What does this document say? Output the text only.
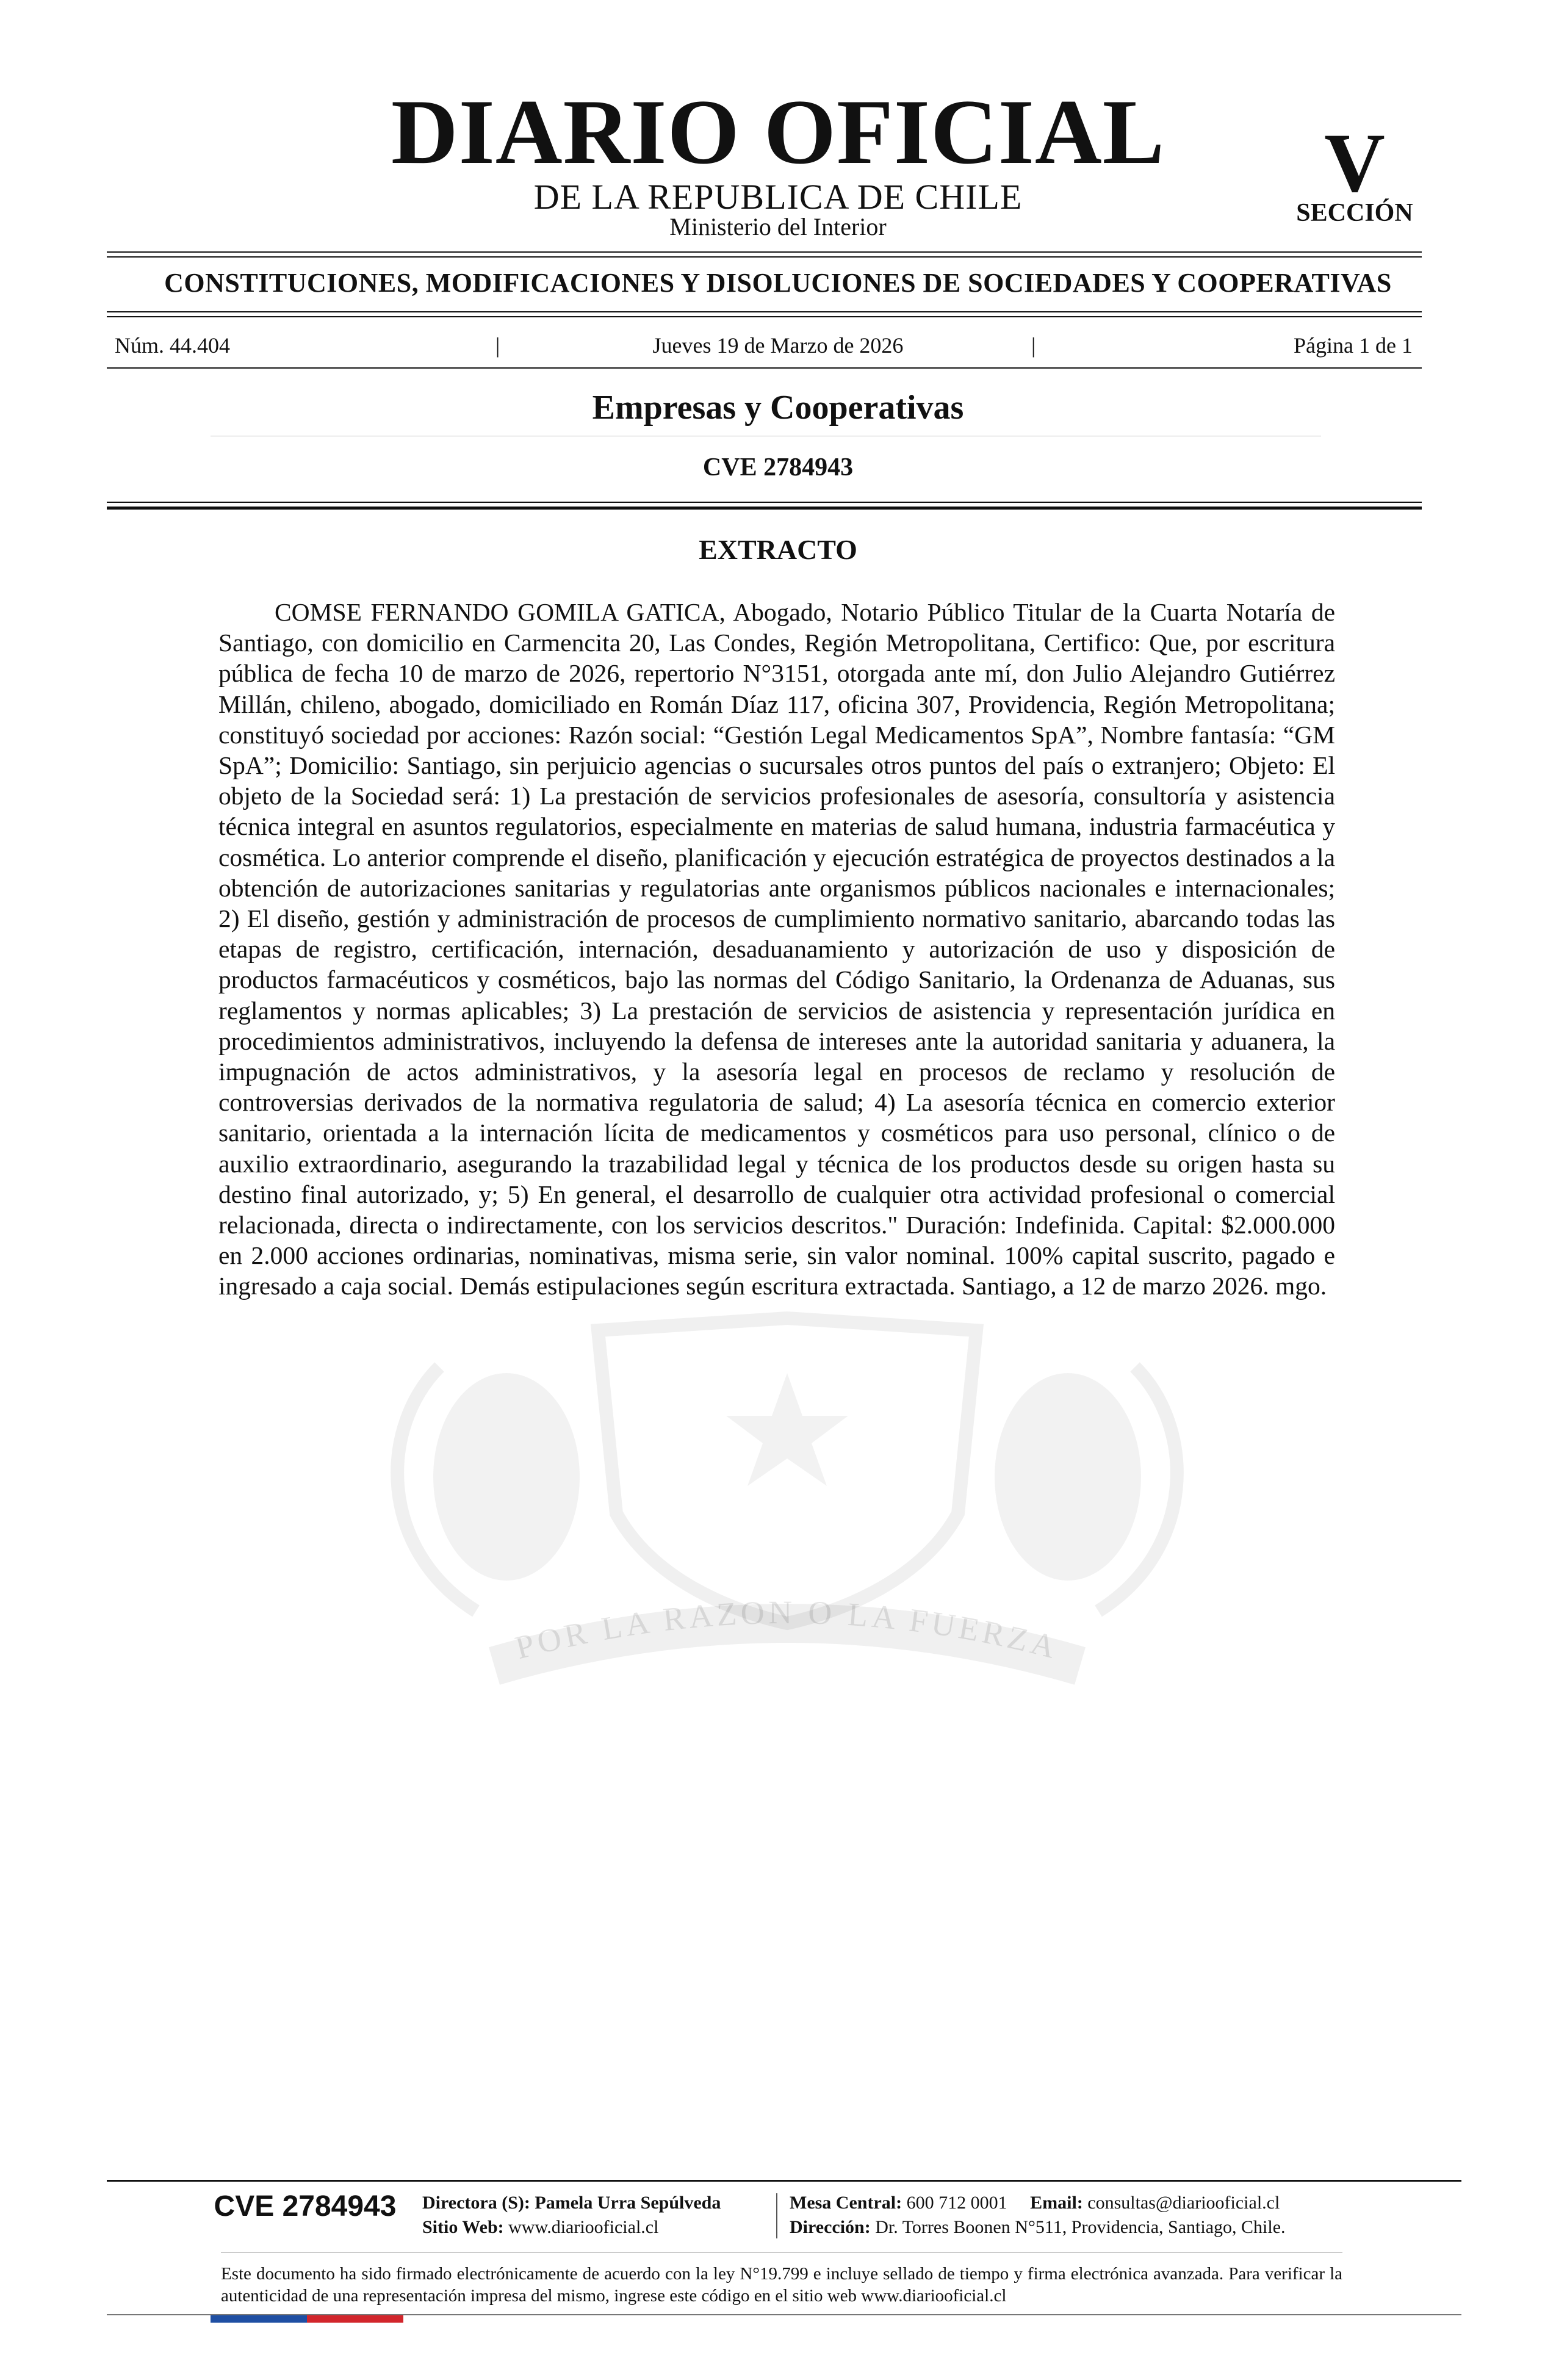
DIARIO OFICIAL
DE LA REPUBLICA DE CHILE
Ministerio del Interior
V
SECCIÓN
CONSTITUCIONES, MODIFICACIONES Y DISOLUCIONES DE SOCIEDADES Y COOPERATIVAS
Núm. 44.404	|	Jueves 19 de Marzo de 2026	|	Página 1 de 1
Empresas y Cooperativas
CVE 2784943
POR LA RAZON O LA FUERZA
EXTRACTO

COMSE FERNANDO GOMILA GATICA, Abogado, Notario Público Titular de la Cuarta Notaría de Santiago, con domicilio en Carmencita 20, Las Condes, Región Metropolitana, Certifico: Que, por escritura pública de fecha 10 de marzo de 2026, repertorio N°3151, otorgada ante mí, don Julio Alejandro Gutiérrez Millán, chileno, abogado, domiciliado en Román Díaz 117, oficina 307, Providencia, Región Metropolitana; constituyó sociedad por acciones: Razón social: “Gestión Legal Medicamentos SpA”, Nombre fantasía: “GM SpA”; Domicilio: Santiago, sin perjuicio agencias o sucursales otros puntos del país o extranjero; Objeto: El objeto de la Sociedad será: 1) La prestación de servicios profesionales de asesoría, consultoría y asistencia técnica integral en asuntos regulatorios, especialmente en materias de salud humana, industria farmacéutica y cosmética. Lo anterior comprende el diseño, planificación y ejecución estratégica de proyectos destinados a la obtención de autorizaciones sanitarias y regulatorias ante organismos públicos nacionales e internacionales; 2) El diseño, gestión y administración de procesos de cumplimiento normativo sanitario, abarcando todas las etapas de registro, certificación, internación, desaduanamiento y autorización de uso y disposición de productos farmacéuticos y cosméticos, bajo las normas del Código Sanitario, la Ordenanza de Aduanas, sus reglamentos y normas aplicables; 3) La prestación de servicios de asistencia y representación jurídica en procedimientos administrativos, incluyendo la defensa de intereses ante la autoridad sanitaria y aduanera, la impugnación de actos administrativos, y la asesoría legal en procesos de reclamo y resolución de controversias derivados de la normativa regulatoria de salud; 4) La asesoría técnica en comercio exterior sanitario, orientada a la internación lícita de medicamentos y cosméticos para uso personal, clínico o de auxilio extraordinario, asegurando la trazabilidad legal y técnica de los productos desde su origen hasta su destino final autorizado, y; 5) En general, el desarrollo de cualquier otra actividad profesional o comercial relacionada, directa o indirectamente, con los servicios descritos." Duración: Indefinida. Capital: $2.000.000 en 2.000 acciones ordinarias, nominativas, misma serie, sin valor nominal. 100% capital suscrito, pagado e ingresado a caja social. Demás estipulaciones según escritura extractada. Santiago, a 12 de marzo 2026. mgo.

CVE 2784943	Directora (S): Pamela Urra Sepúlveda
Sitio Web: www.diariooficial.cl
Mesa Central: 600 712 0001 Email: consultas@diariooficial.cl
Dirección: Dr. Torres Boonen N°511, Providencia, Santiago, Chile.

Este documento ha sido firmado electrónicamente de acuerdo con la ley N°19.799 e incluye sellado de tiempo y firma electrónica avanzada. Para verificar la autenticidad de una representación impresa del mismo, ingrese este código en el sitio web www.diariooficial.cl
